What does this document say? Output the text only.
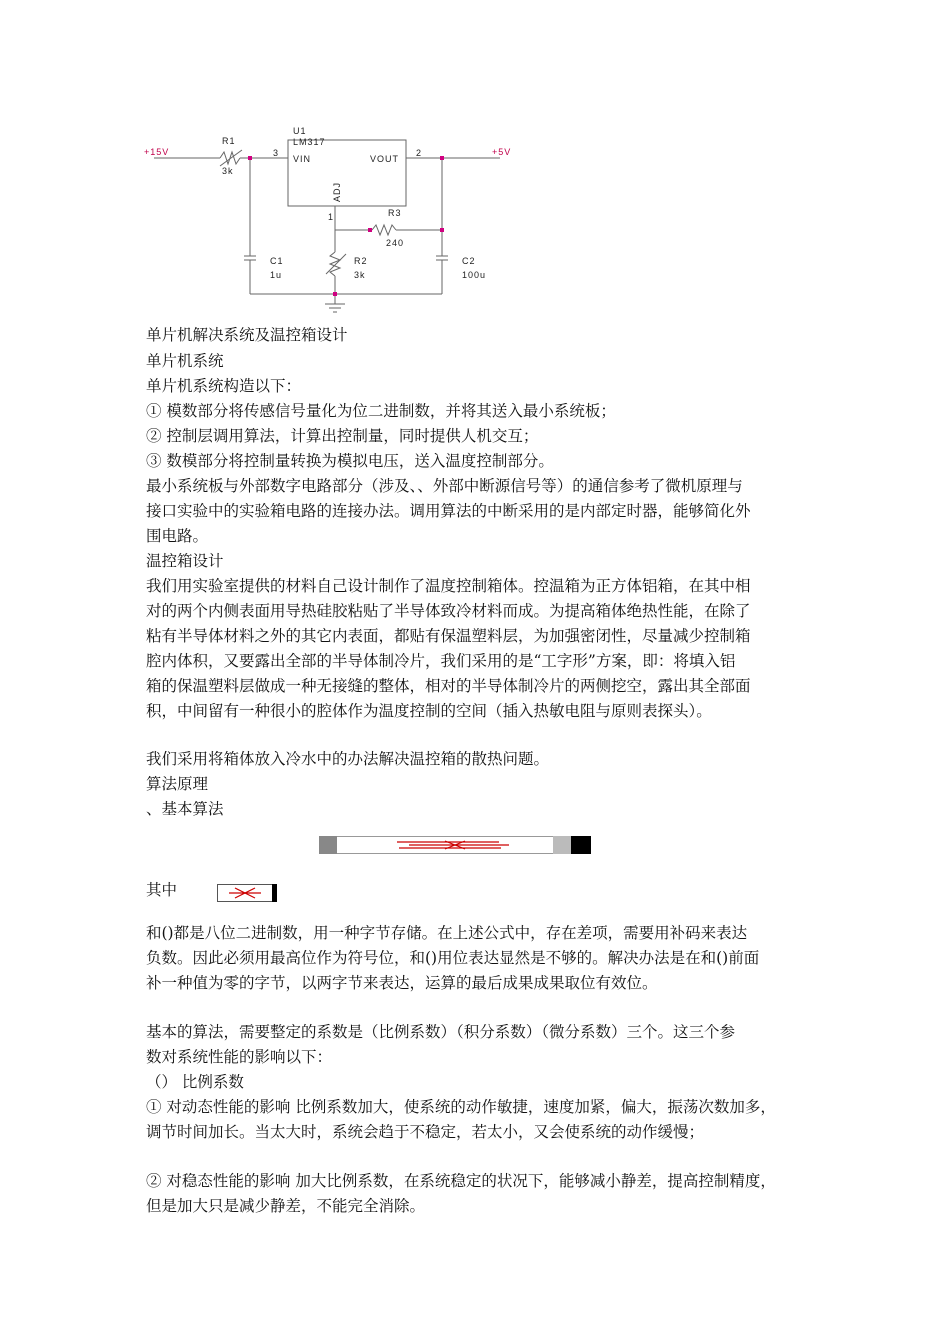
+15V	+5V
R1
3k
U1
LM317
3	2
1
VIN	VOUT
ADJ
R3
240
C1
1u
R2
3k
C2
100u
单片机解决系统及温控箱设计
单片机系统
单片机系统构造以下：
① 模数部分将传感信号量化为位二进制数，并将其送入最小系统板；
② 控制层调用算法，计算出控制量，同时提供人机交互；
③ 数模部分将控制量转换为模拟电压，送入温度控制部分。
最小系统板与外部数字电路部分（涉及、、外部中断源信号等）的通信参考了微机原理与
接口实验中的实验箱电路的连接办法。调用算法的中断采用的是内部定时器，能够简化外
围电路。
温控箱设计
我们用实验室提供的材料自己设计制作了温度控制箱体。控温箱为正方体铝箱，在其中相
对的两个内侧表面用导热硅胶粘贴了半导体致冷材料而成。为提高箱体绝热性能，在除了
粘有半导体材料之外的其它内表面，都贴有保温塑料层，为加强密闭性，尽量减少控制箱
腔内体积，又要露出全部的半导体制冷片，我们采用的是“工字形”方案，即：将填入铝
箱的保温塑料层做成一种无接缝的整体，相对的半导体制冷片的两侧挖空，露出其全部面
积，中间留有一种很小的腔体作为温度控制的空间（插入热敏电阻与原则表探头）。
我们采用将箱体放入冷水中的办法解决温控箱的散热问题。
算法原理
、基本算法
其中
和()都是八位二进制数，用一种字节存储。在上述公式中，存在差项，需要用补码来表达
负数。因此必须用最高位作为符号位，和()用位表达显然是不够的。解决办法是在和()前面
补一种值为零的字节，以两字节来表达，运算的最后成果成果取位有效位。
基本的算法，需要整定的系数是（比例系数）（积分系数）（微分系数）三个。这三个参
数对系统性能的影响以下：
（） 比例系数
① 对动态性能的影响 比例系数加大，使系统的动作敏捷，速度加紧，偏大，振荡次数加多，
调节时间加长。当太大时，系统会趋于不稳定，若太小，又会使系统的动作缓慢；
② 对稳态性能的影响 加大比例系数，在系统稳定的状况下，能够减小静差，提高控制精度，
但是加大只是减少静差，不能完全消除。
